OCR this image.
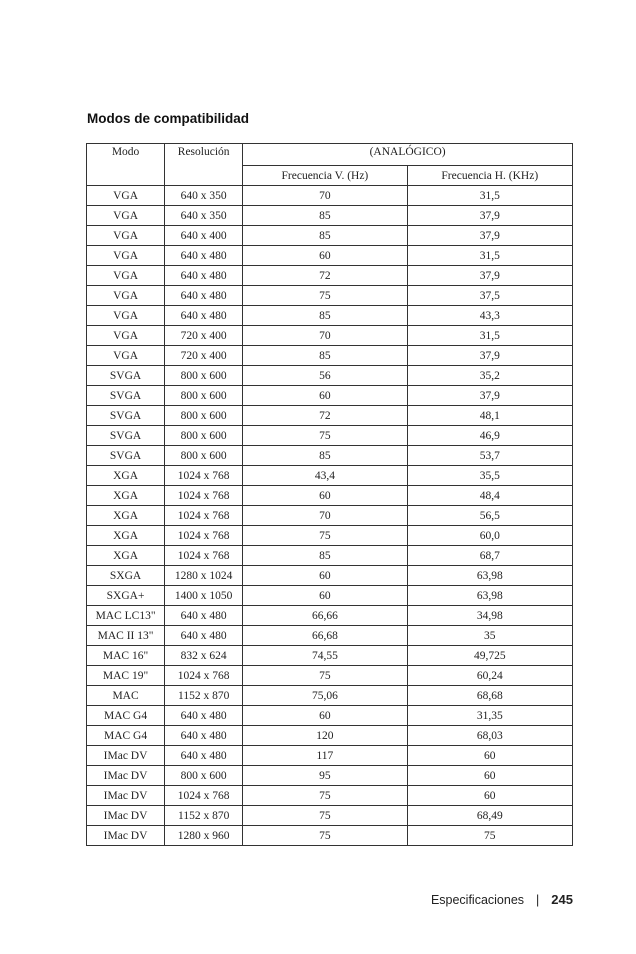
Modos de compatibilidad
Modo	Resolución	(ANALÓGICO)	
		Frecuencia V. (Hz)	Frecuencia H. (KHz)
VGA	640 x 350	70	31,5
VGA	640 x 350	85	37,9
VGA	640 x 400	85	37,9
VGA	640 x 480	60	31,5
VGA	640 x 480	72	37,9
VGA	640 x 480	75	37,5
VGA	640 x 480	85	43,3
VGA	720 x 400	70	31,5
VGA	720 x 400	85	37,9
SVGA	800 x 600	56	35,2
SVGA	800 x 600	60	37,9
SVGA	800 x 600	72	48,1
SVGA	800 x 600	75	46,9
SVGA	800 x 600	85	53,7
XGA	1024 x 768	43,4	35,5
XGA	1024 x 768	60	48,4
XGA	1024 x 768	70	56,5
XGA	1024 x 768	75	60,0
XGA	1024 x 768	85	68,7
SXGA	1280 x 1024	60	63,98
SXGA+	1400 x 1050	60	63,98
MAC LC13"	640 x 480	66,66	34,98
MAC II 13"	640 x 480	66,68	35
MAC 16"	832 x 624	74,55	49,725
MAC 19"	1024 x 768	75	60,24
MAC	1152 x 870	75,06	68,68
MAC G4	640 x 480	60	31,35
MAC G4	640 x 480	120	68,03
IMac DV	640 x 480	117	60
IMac DV	800 x 600	95	60
IMac DV	1024 x 768	75	60
IMac DV	1152 x 870	75	68,49
IMac DV	1280 x 960	75	75
Especificaciones | 245
